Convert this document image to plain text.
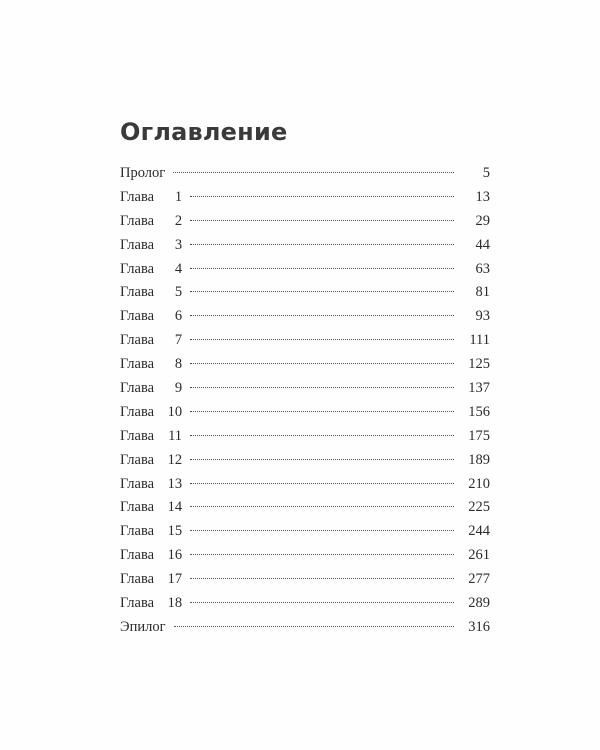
Оглавление
Пролог	5
Глава 1	13
Глава 2	29
Глава 3	44
Глава 4	63
Глава 5	81
Глава 6	93
Глава 7	111
Глава 8	125
Глава 9	137
Глава 10	156
Глава 11	175
Глава 12	189
Глава 13	210
Глава 14	225
Глава 15	244
Глава 16	261
Глава 17	277
Глава 18	289
Эпилог	316
